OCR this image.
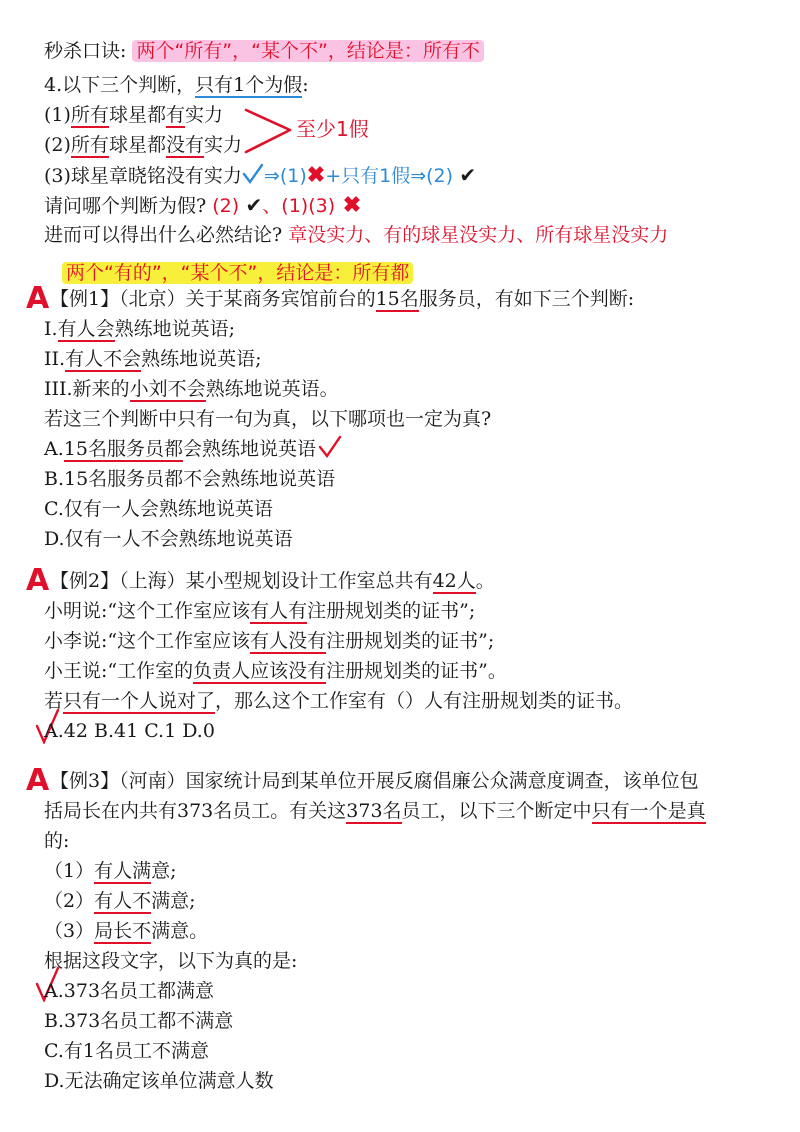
秒杀口诀: 两个“所有”，“某个不”，结论是：所有不
4.以下三个判断，只有1个为假:
(1)所有球星都有实力
(2)所有球星都没有实力
至少1假
(3)球星章晓铭没有实力 ⇒(1)✖+只有1假⇒(2) ✔
请问哪个判断为假? (2) ✔、(1)(3) ✖
进而可以得出什么必然结论? 章没实力、有的球星没实力、所有球星没实力
两个“有的”，“某个不”，结论是：所有都
A 【例1】（北京）关于某商务宾馆前台的15名服务员，有如下三个判断:
I.有人会熟练地说英语;
II.有人不会熟练地说英语;
III.新来的小刘不会熟练地说英语。
若这三个判断中只有一句为真，以下哪项也一定为真?
A.15名服务员都会熟练地说英语
B.15名服务员都不会熟练地说英语
C.仅有一人会熟练地说英语
D.仅有一人不会熟练地说英语
A 【例2】（上海）某小型规划设计工作室总共有42人。
小明说:“这个工作室应该有人有注册规划类的证书”;
小李说:“这个工作室应该有人没有注册规划类的证书”;
小王说:“工作室的负责人应该没有注册规划类的证书”。
若只有一个人说对了，那么这个工作室有（）人有注册规划类的证书。
A.42 B.41 C.1 D.0
A 【例3】（河南）国家统计局到某单位开展反腐倡廉公众满意度调查，该单位包
括局长在内共有373名员工。有关这373名员工，以下三个断定中只有一个是真
的:
（1）有人满意;
（2）有人不满意;
（3）局长不满意。
根据这段文字，以下为真的是:
A.373名员工都满意
B.373名员工都不满意
C.有1名员工不满意
D.无法确定该单位满意人数
